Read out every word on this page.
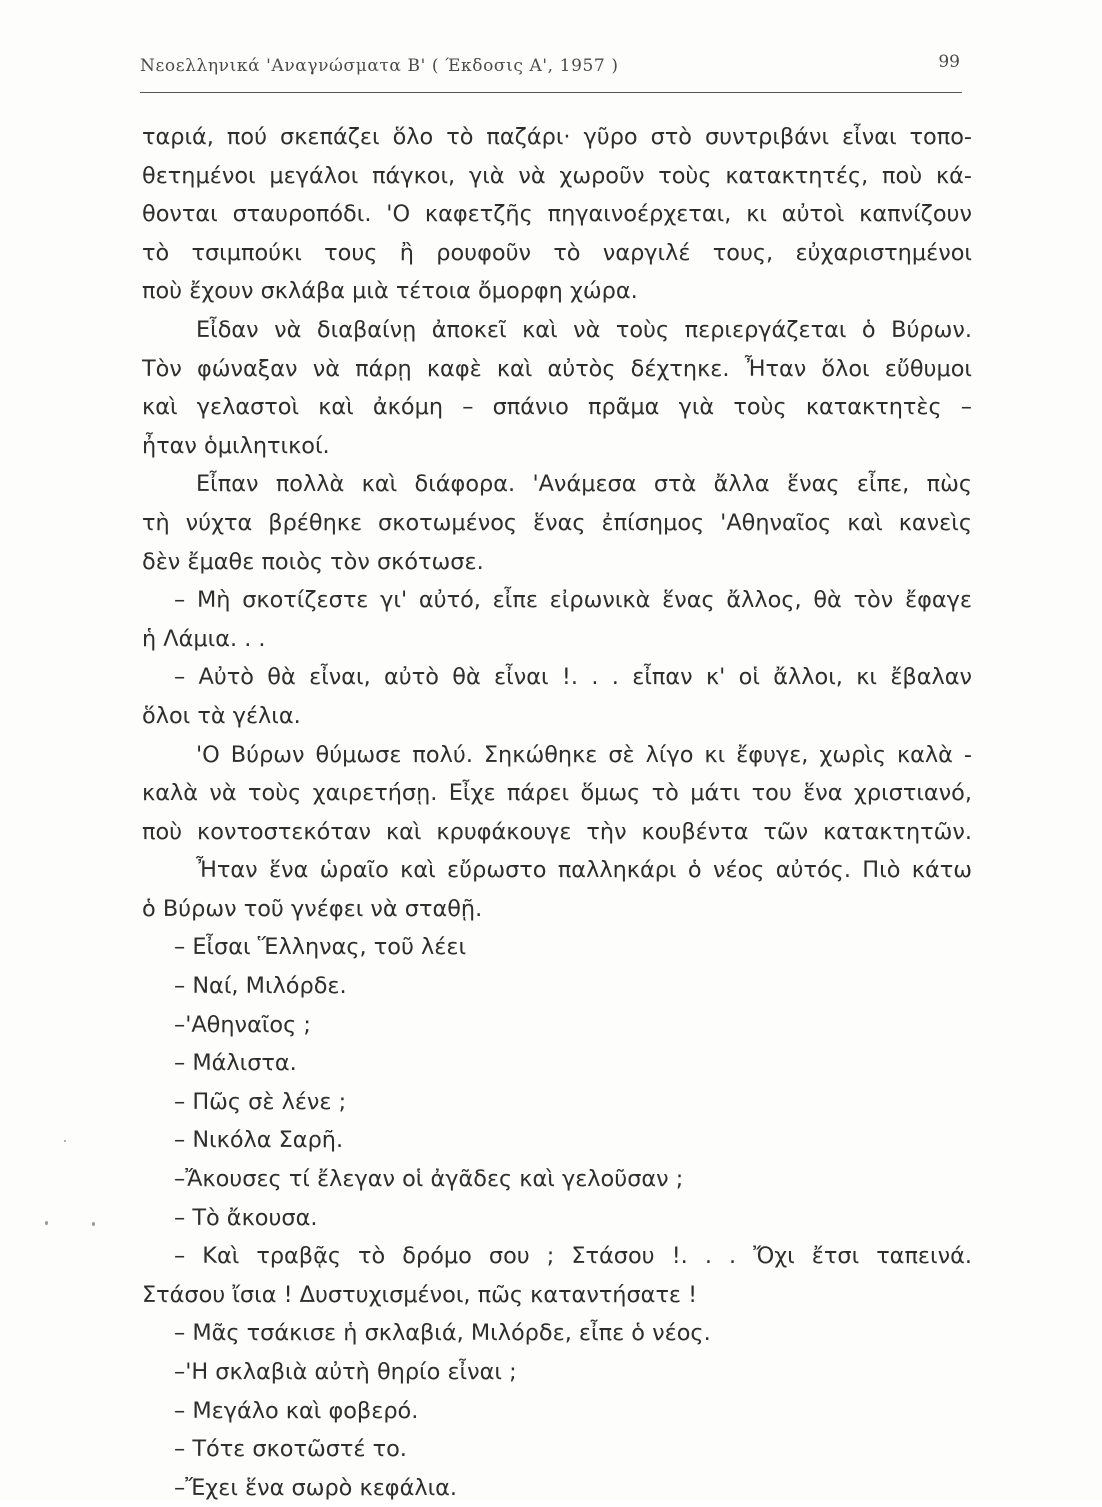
Νεοελληνικά 'Αναγνώσματα Β' ( Έκδοσις Α', 1957 )	99
ταριά, πού σκεπάζει ὅλο τὸ παζάρι· γῦρο στὸ συντριβάνι εἶναι τοπο-
θετημένοι μεγάλοι πάγκοι, γιὰ νὰ χωροῦν τοὺς κατακτητές, ποὺ κά-
θονται σταυροπόδι. 'Ο καφετζῆς πηγαινοέρχεται, κι αὐτοὶ καπνίζουν
τὸ τσιμπούκι τους ἢ ρουφοῦν τὸ ναργιλέ τους, εὐχαριστημένοι
ποὺ ἔχουν σκλάβα μιὰ τέτοια ὄμορφη χώρα.
Εἶδαν νὰ διαβαίνῃ ἀποκεῖ καὶ νὰ τοὺς περιεργάζεται ὁ Βύρων.
Τὸν φώναξαν νὰ πάρῃ καφὲ καὶ αὐτὸς δέχτηκε. Ἦταν ὅλοι εὔθυμοι
καὶ γελαστοὶ καὶ ἀκόμη – σπάνιο πρᾶμα γιὰ τοὺς κατακτητὲς –
ἦταν ὁμιλητικοί.
Εἶπαν πολλὰ καὶ διάφορα. 'Ανάμεσα στὰ ἄλλα ἕνας εἶπε, πὼς
τὴ νύχτα βρέθηκε σκοτωμένος ἕνας ἐπίσημος 'Αθηναῖος καὶ κανεὶς
δὲν ἔμαθε ποιὸς τὸν σκότωσε.
– Μὴ σκοτίζεστε γι' αὐτό, εἶπε εἰρωνικὰ ἕνας ἄλλος, θὰ τὸν ἔφαγε
ἡ Λάμια. . .
– Αὐτὸ θὰ εἶναι, αὐτὸ θὰ εἶναι !. . . εἶπαν κ' οἱ ἄλλοι, κι ἔβαλαν
ὅλοι τὰ γέλια.
'Ο Βύρων θύμωσε πολύ. Σηκώθηκε σὲ λίγο κι ἔφυγε, χωρὶς καλὰ -
καλὰ νὰ τοὺς χαιρετήσῃ. Εἶχε πάρει ὅμως τὸ μάτι του ἕνα χριστιανό,
ποὺ κοντοστεκόταν καὶ κρυφάκουγε τὴν κουβέντα τῶν κατακτητῶν.
Ἦταν ἕνα ὡραῖο καὶ εὔρωστο παλληκάρι ὁ νέος αὐτός. Πιὸ κάτω
ὁ Βύρων τοῦ γνέφει νὰ σταθῇ.
– Εἶσαι Ἕλληνας, τοῦ λέει
– Ναί, Μιλόρδε.
–'Αθηναῖος ;
– Μάλιστα.
– Πῶς σὲ λένε ;
– Νικόλα Σαρῆ.
–Ἄκουσες τί ἔλεγαν οἱ ἀγᾶδες καὶ γελοῦσαν ;
– Τὸ ἄκουσα.
– Καὶ τραβᾷς τὸ δρόμο σου ; Στάσου !. . . Ὄχι ἔτσι ταπεινά.
Στάσου ἴσια ! Δυστυχισμένοι, πῶς καταντήσατε !
– Μᾶς τσάκισε ἡ σκλαβιά, Μιλόρδε, εἶπε ὁ νέος.
–'Η σκλαβιὰ αὐτὴ θηρίο εἶναι ;
– Μεγάλο καὶ φοβερό.
– Τότε σκοτῶστέ το.
–Ἔχει ἕνα σωρὸ κεφάλια.
